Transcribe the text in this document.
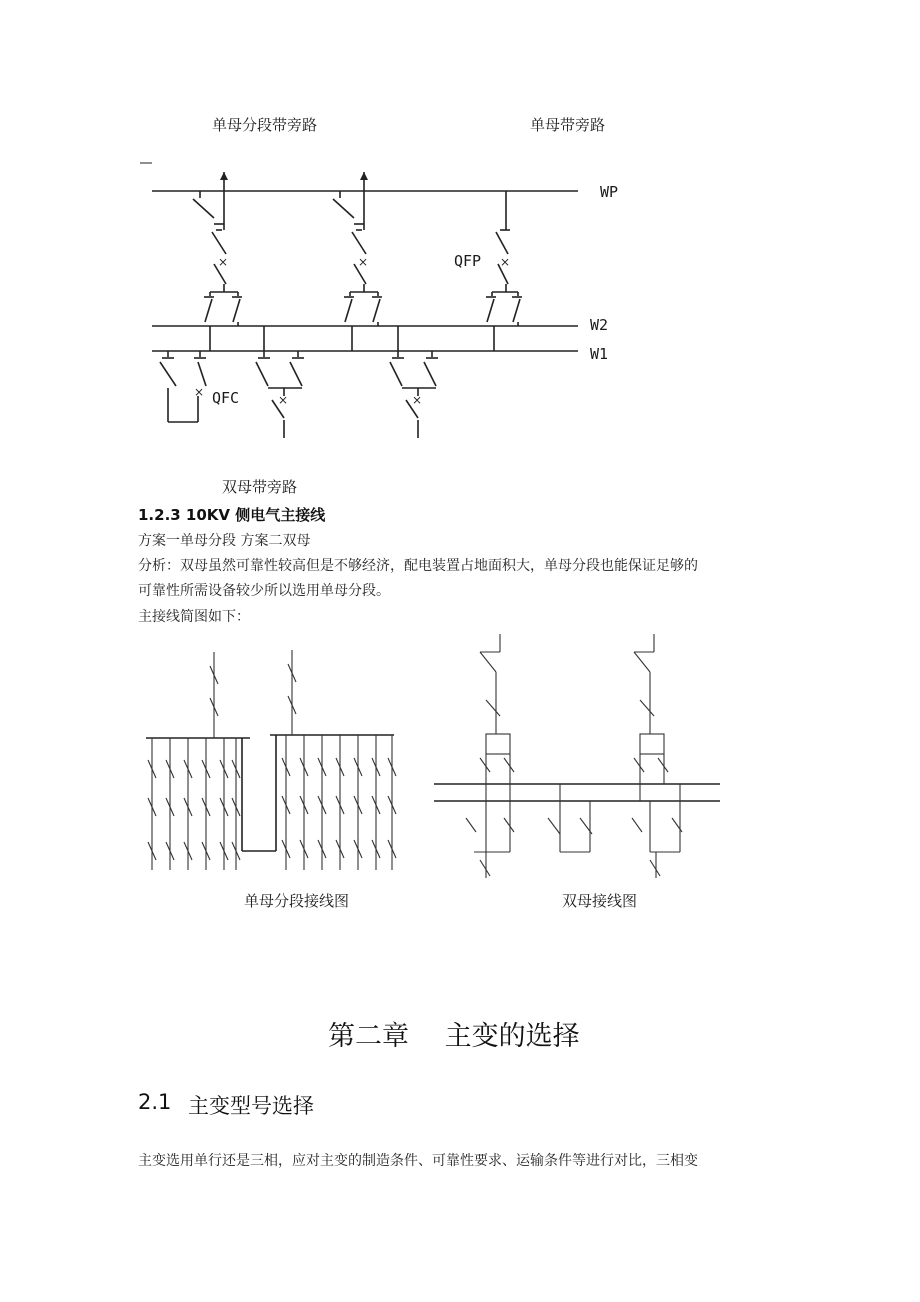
单母分段带旁路	单母带旁路
×	×	×
×
×	×
WP
W2
W1
QFP
QFC
双母带旁路
1.2.3 10KV 侧电气主接线
方案一单母分段 方案二双母
分析：双母虽然可靠性较高但是不够经济，配电装置占地面积大，单母分段也能保证足够的
可靠性所需设备较少所以选用单母分段。
主接线简图如下：
单母分段接线图	双母接线图
第二章　 主变的选择
2.1 主变型号选择
主变选用单行还是三相，应对主变的制造条件、可靠性要求、运输条件等进行对比，三相变
